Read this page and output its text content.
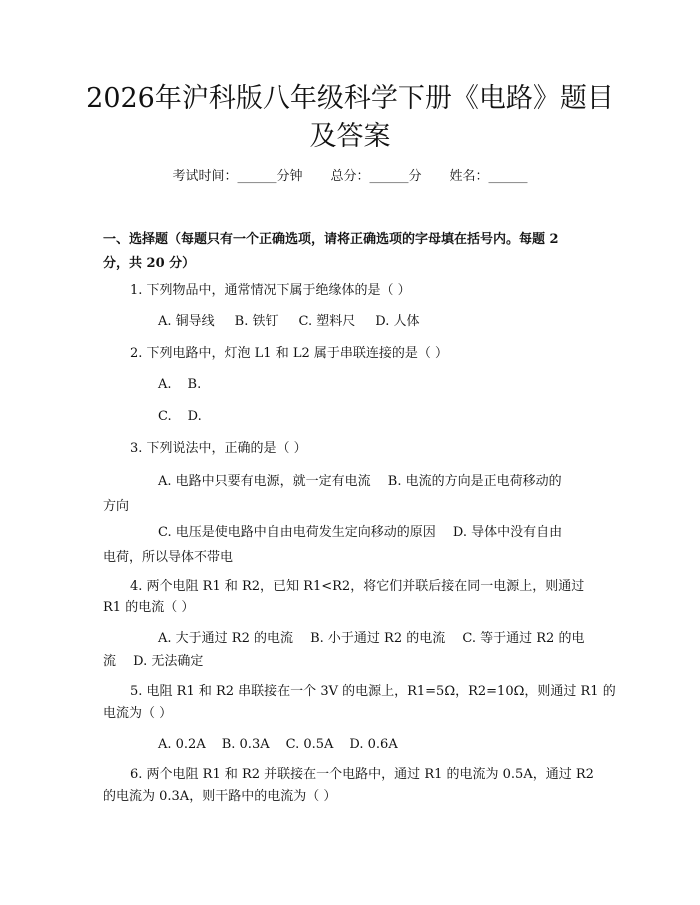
2026年沪科版八年级科学下册《电路》题目
及答案
考试时间：______分钟 总分：______分 姓名：______
一、选择题（每题只有一个正确选项，请将正确选项的字母填在括号内。每题 2
分，共 20 分）
1. 下列物品中，通常情况下属于绝缘体的是（ ）
A. 铜导线 B. 铁钉 C. 塑料尺 D. 人体
2. 下列电路中，灯泡 L1 和 L2 属于串联连接的是（ ）
A. B.
C. D.
3. 下列说法中，正确的是（ ）
A. 电路中只要有电源，就一定有电流　 B. 电流的方向是正电荷移动的
方向
C. 电压是使电路中自由电荷发生定向移动的原因　 D. 导体中没有自由
电荷，所以导体不带电
4. 两个电阻 R1 和 R2，已知 R1<R2，将它们并联后接在同一电源上，则通过
R1 的电流（ ）
A. 大于通过 R2 的电流　 B. 小于通过 R2 的电流　 C. 等于通过 R2 的电
流　 D. 无法确定
5. 电阻 R1 和 R2 串联接在一个 3V 的电源上，R1=5Ω，R2=10Ω，则通过 R1 的
电流为（ ）
A. 0.2A B. 0.3A C. 0.5A D. 0.6A
6. 两个电阻 R1 和 R2 并联接在一个电路中，通过 R1 的电流为 0.5A，通过 R2
的电流为 0.3A，则干路中的电流为（ ）
